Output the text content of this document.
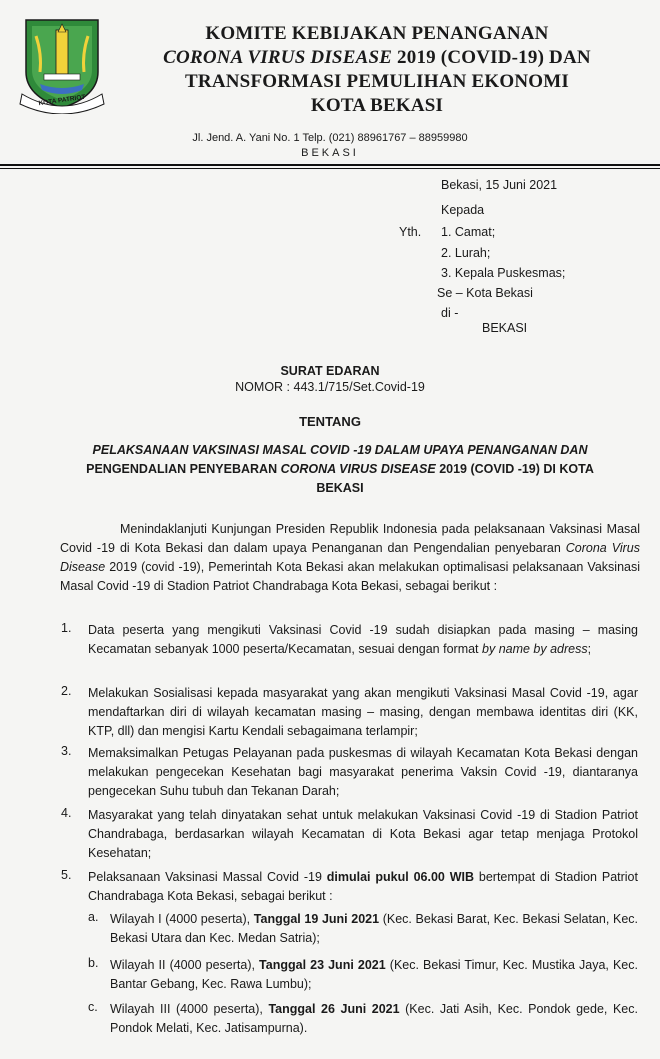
KOTA PATRIOT
KOMITE KEBIJAKAN PENANGANAN
CORONA VIRUS DISEASE 2019 (COVID-19) DAN
TRANSFORMASI PEMULIHAN EKONOMI
KOTA BEKASI
Jl. Jend. A. Yani No. 1 Telp. (021) 88961767 – 88959980
BEKASI
Bekasi, 15 Juni 2021
Kepada
Yth. 1. Camat;
2. Lurah;
3. Kepala Puskesmas;
Se – Kota Bekasi
di -
BEKASI
SURAT EDARAN
NOMOR : 443.1/715/Set.Covid-19
TENTANG
PELAKSANAAN VAKSINASI MASAL COVID -19 DALAM UPAYA PENANGANAN DAN
PENGENDALIAN PENYEBARAN CORONA VIRUS DISEASE 2019 (COVID -19) DI KOTA
BEKASI
Menindaklanjuti Kunjungan Presiden Republik Indonesia pada pelaksanaan Vaksinasi Masal Covid -19 di Kota Bekasi dan dalam upaya Penanganan dan Pengendalian penyebaran Corona Virus Disease 2019 (covid -19), Pemerintah Kota Bekasi akan melakukan optimalisasi pelaksanaan Vaksinasi Masal Covid -19 di Stadion Patriot Chandrabaga Kota Bekasi, sebagai berikut :
1. Data peserta yang mengikuti Vaksinasi Covid -19 sudah disiapkan pada masing – masing Kecamatan sebanyak 1000 peserta/Kecamatan, sesuai dengan format by name by adress;
2. Melakukan Sosialisasi kepada masyarakat yang akan mengikuti Vaksinasi Masal Covid -19, agar mendaftarkan diri di wilayah kecamatan masing – masing, dengan membawa identitas diri (KK, KTP, dll) dan mengisi Kartu Kendali sebagaimana terlampir;
3. Memaksimalkan Petugas Pelayanan pada puskesmas di wilayah Kecamatan Kota Bekasi dengan melakukan pengecekan Kesehatan bagi masyarakat penerima Vaksin Covid -19, diantaranya pengecekan Suhu tubuh dan Tekanan Darah;
4. Masyarakat yang telah dinyatakan sehat untuk melakukan Vaksinasi Covid -19 di Stadion Patriot Chandrabaga, berdasarkan wilayah Kecamatan di Kota Bekasi agar tetap menjaga Protokol Kesehatan;
5. Pelaksanaan Vaksinasi Massal Covid -19 dimulai pukul 06.00 WIB bertempat di Stadion Patriot Chandrabaga Kota Bekasi, sebagai berikut :
a. Wilayah I (4000 peserta), Tanggal 19 Juni 2021 (Kec. Bekasi Barat, Kec. Bekasi Selatan, Kec. Bekasi Utara dan Kec. Medan Satria);
b. Wilayah II (4000 peserta), Tanggal 23 Juni 2021 (Kec. Bekasi Timur, Kec. Mustika Jaya, Kec. Bantar Gebang, Kec. Rawa Lumbu);
c. Wilayah III (4000 peserta), Tanggal 26 Juni 2021 (Kec. Jati Asih, Kec. Pondok gede, Kec. Pondok Melati, Kec. Jatisampurna).
